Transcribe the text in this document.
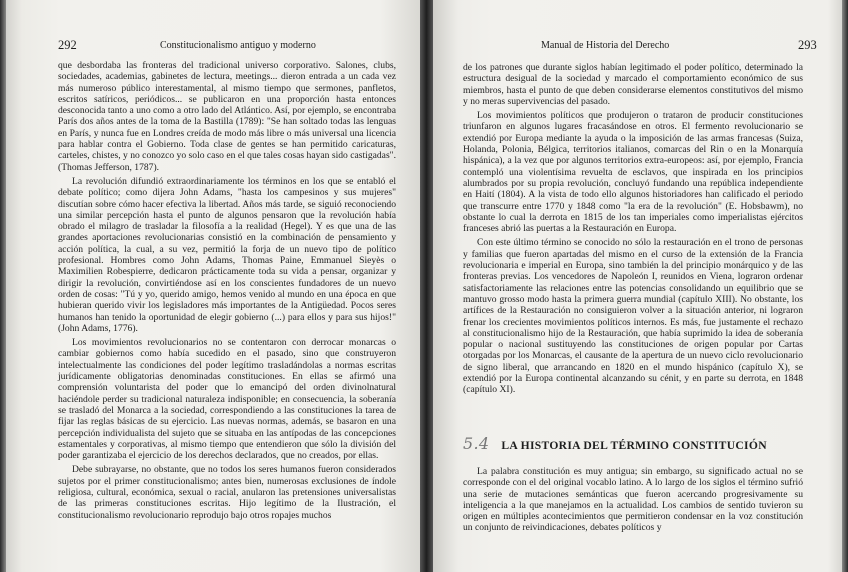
292	Constitucionalismo antiguo y moderno

que desbordaba las fronteras del tradicional universo corporativo. Salones, clubs, sociedades, academias, gabinetes de lectura, meetings... dieron entrada a un cada vez más numeroso público interestamental, al mismo tiempo que sermones, panfletos, escritos satíricos, periódicos... se publicaron en una proporción hasta entonces desconocida tanto a uno como a otro lado del Atlántico. Así, por ejemplo, se encontraba París dos años antes de la toma de la Bastilla (1789): "Se han soltado todas las lenguas en París, y nunca fue en Londres creída de modo más libre o más universal una licencia para hablar contra el Gobierno. Toda clase de gentes se han permitido caricaturas, carteles, chistes, y no conozco yo solo caso en el que tales cosas hayan sido castigadas". (Thomas Jefferson, 1787).

La revolución difundió extraordinariamente los términos en los que se entabló el debate político; como dijera John Adams, "hasta los campesinos y sus mujeres" discutían sobre cómo hacer efectiva la libertad. Años más tarde, se siguió reconociendo una similar percepción hasta el punto de algunos pensaron que la revolución había obrado el milagro de trasladar la filosofía a la realidad (Hegel). Y es que una de las grandes aportaciones revolucionarias consistió en la combinación de pensamiento y acción política, la cual, a su vez, permitió la forja de un nuevo tipo de político profesional. Hombres como John Adams, Thomas Paine, Emmanuel Sieyès o Maximilien Robespierre, dedicaron prácticamente toda su vida a pensar, organizar y dirigir la revolución, convirtiéndose así en los conscientes fundadores de un nuevo orden de cosas: "Tú y yo, querido amigo, hemos venido al mundo en una época en que hubieran querido vivir los legisladores más importantes de la Antigüedad. Pocos seres humanos han tenido la oportunidad de elegir gobierno (...) para ellos y para sus hijos!" (John Adams, 1776).

Los movimientos revolucionarios no se contentaron con derrocar monarcas o cambiar gobiernos como había sucedido en el pasado, sino que construyeron intelectualmente las condiciones del poder legítimo trasladándolas a normas escritas jurídicamente obligatorias denominadas constituciones. En ellas se afirmó una comprensión voluntarista del poder que lo emancipó del orden divinolnatural haciéndole perder su tradicional naturaleza indisponible; en consecuencia, la soberanía se trasladó del Monarca a la sociedad, correspondiendo a las constituciones la tarea de fijar las reglas básicas de su ejercicio. Las nuevas normas, además, se basaron en una percepción individualista del sujeto que se situaba en las antípodas de las concepciones estamentales y corporativas, al mismo tiempo que entendieron que sólo la división del poder garantizaba el ejercicio de los derechos declarados, que no creados, por ellas.

Debe subrayarse, no obstante, que no todos los seres humanos fueron considerados sujetos por el primer constitucionalismo; antes bien, numerosas exclusiones de índole religiosa, cultural, económica, sexual o racial, anularon las pretensiones universalistas de las primeras constituciones escritas. Hijo legítimo de la Ilustración, el constitucionalismo revolucionario reprodujo bajo otros ropajes muchos

Manual de Historia del Derecho	293

de los patrones que durante siglos habían legitimado el poder político, determinado la estructura desigual de la sociedad y marcado el comportamiento económico de sus miembros, hasta el punto de que deben considerarse elementos constitutivos del mismo y no meras supervivencias del pasado.

Los movimientos políticos que produjeron o trataron de producir constituciones triunfaron en algunos lugares fracasándose en otros. El fermento revolucionario se extendió por Europa mediante la ayuda o la imposición de las armas francesas (Suiza, Holanda, Polonia, Bélgica, territorios italianos, comarcas del Rin o en la Monarquía hispánica), a la vez que por algunos territorios extra-europeos: así, por ejemplo, Francia contempló una violentísima revuelta de esclavos, que inspirada en los principios alumbrados por su propia revolución, concluyó fundando una república independiente en Haití (1804). A la vista de todo ello algunos historiadores han calificado el periodo que transcurre entre 1770 y 1848 como "la era de la revolución" (E. Hobsbawm), no obstante lo cual la derrota en 1815 de los tan imperiales como imperialistas ejércitos franceses abrió las puertas a la Restauración en Europa.

Con este último término se conocido no sólo la restauración en el trono de personas y familias que fueron apartadas del mismo en el curso de la extensión de la Francia revolucionaria e imperial en Europa, sino también la del principio monárquico y de las fronteras previas. Los vencedores de Napoleón I, reunidos en Viena, lograron ordenar satisfactoriamente las relaciones entre las potencias consolidando un equilibrio que se mantuvo grosso modo hasta la primera guerra mundial (capítulo XIII). No obstante, los artífices de la Restauración no consiguieron volver a la situación anterior, ni lograron frenar los crecientes movimientos políticos internos. Es más, fue justamente el rechazo al constitucionalismo hijo de la Restauración, que había suprimido la idea de soberanía popular o nacional sustituyendo las constituciones de origen popular por Cartas otorgadas por los Monarcas, el causante de la apertura de un nuevo ciclo revolucionario de signo liberal, que arrancando en 1820 en el mundo hispánico (capítulo X), se extendió por la Europa continental alcanzando su cénit, y en parte su derrota, en 1848 (capítulo XI).

5.4 LA HISTORIA DEL TÉRMINO CONSTITUCIÓN

La palabra constitución es muy antigua; sin embargo, su significado actual no se corresponde con el del original vocablo latino. A lo largo de los siglos el término sufrió una serie de mutaciones semánticas que fueron acercando progresivamente su inteligencia a la que manejamos en la actualidad. Los cambios de sentido tuvieron su origen en múltiples acontecimientos que permitieron condensar en la voz constitución un conjunto de reivindicaciones, debates políticos y
